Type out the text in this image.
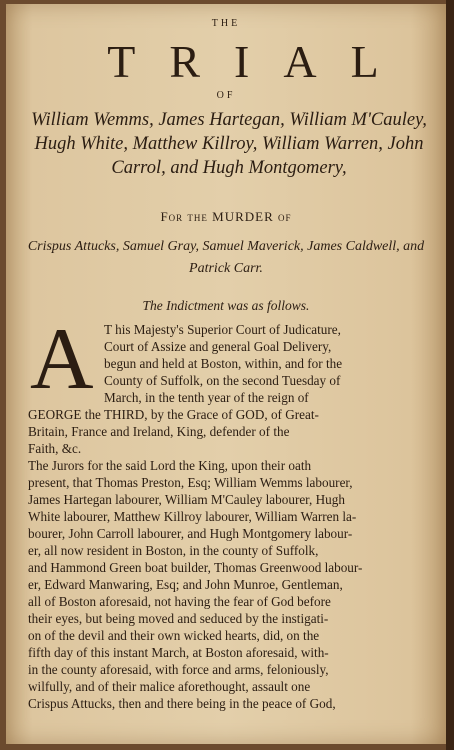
THE
TRIAL
OF
William Wemms, James Hartegan, William M'Cauley, Hugh White, Matthew Killroy, William Warren, John Carrol, and Hugh Montgomery,
For the MURDER of
Crispus Attucks, Samuel Gray, Samuel Maverick, James Caldwell, and Patrick Carr.
The Indictment was as follows.
A T his Majesty's Superior Court of Judicature,
Court of Assize and general Goal Delivery,
begun and held at Boston, within, and for the
County of Suffolk, on the second Tuesday of
March, in the tenth year of the reign of
GEORGE the THIRD, by the Grace of GOD, of Great-
Britain, France and Ireland, King, defender of the
Faith, &c.
The Jurors for the said Lord the King, upon their oath
present, that Thomas Preston, Esq; William Wemms labourer,
James Hartegan labourer, William M'Cauley labourer, Hugh
White labourer, Matthew Killroy labourer, William Warren la-
bourer, John Carroll labourer, and Hugh Montgomery labour-
er, all now resident in Boston, in the county of Suffolk,
and Hammond Green boat builder, Thomas Greenwood labour-
er, Edward Manwaring, Esq; and John Munroe, Gentleman,
all of Boston aforesaid, not having the fear of God before
their eyes, but being moved and seduced by the instigati-
on of the devil and their own wicked hearts, did, on the
fifth day of this instant March, at Boston aforesaid, with-
in the county aforesaid, with force and arms, feloniously,
wilfully, and of their malice aforethought, assault one
Crispus Attucks, then and there being in the peace of God,
